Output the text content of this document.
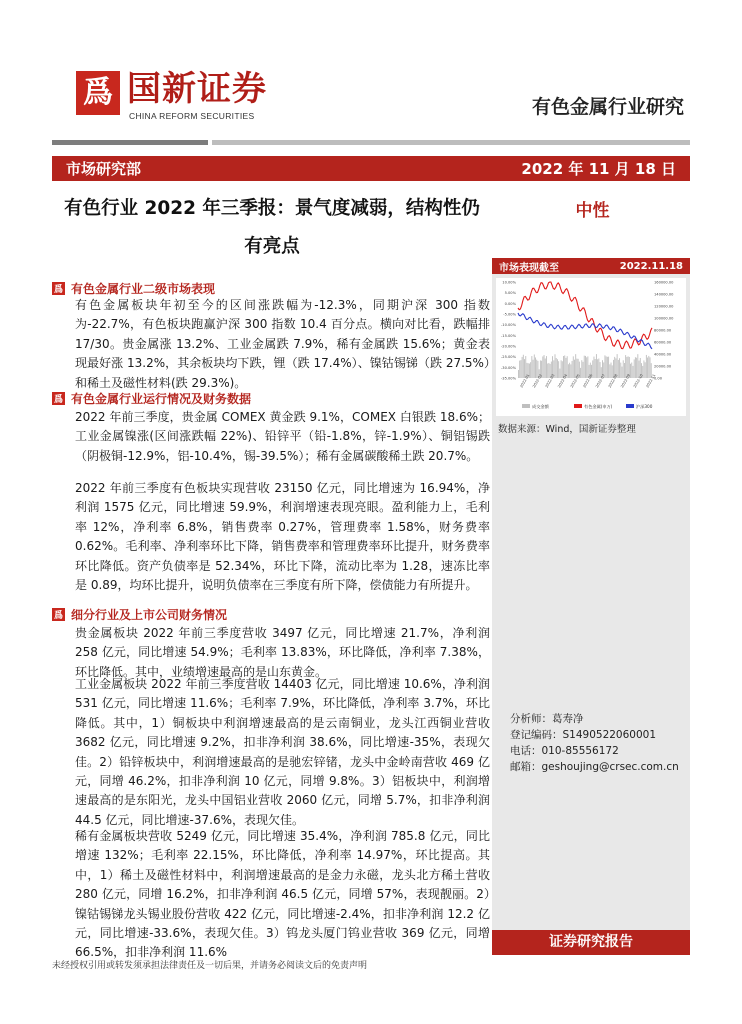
爲 国新证券
CHINA REFORM SECURITIES	有色金属行业研究
市场研究部	2022 年 11 月 18 日
有色行业 2022 年三季报：景气度减弱，结构性仍
有亮点
中性
市场表现截至	2022.11.18
10.00%
5.00%
0.00%
-5.00%
-10.00%
-15.00%
-20.00%
-25.00%
-30.00%
-35.00%
160000.00
140000.00
120000.00
100000.00
80000.00
60000.00
40000.00
20000.00
0.00
2022-01 2022-02 2022-03 2022-04 2022-05 2022-06 2022-07 2022-08 2022-09 2022-10 2022-11
成交金额	有色金属(申万)	沪深300
数据来源：Wind，国新证券整理
分析师：葛寿净
登记编码：S1490522060001
电话：010-85556172
邮箱：geshoujing@crsec.com.cn
证券研究报告
爲 有色金属行业二级市场表现
有色金属板块年初至今的区间涨跌幅为-12.3%，同期沪深 300 指数为-22.7%，有色板块跑赢沪深 300 指数 10.4 百分点。横向对比看，跌幅排 17/30。贵金属涨 13.2%、工业金属跌 7.9%，稀有金属跌 15.6%；黄金表现最好涨 13.2%，其余板块均下跌，锂（跌 17.4%）、镍钴锡锑（跌 27.5%）和稀土及磁性材料(跌 29.3%)。
爲 有色金属行业运行情况及财务数据
2022 年前三季度，贵金属 COMEX 黄金跌 9.1%，COMEX 白银跌 18.6%；工业金属镍涨(区间涨跌幅 22%)、铅锌平（铅-1.8%，锌-1.9%）、铜铝锡跌（阴极铜-12.9%，铝-10.4%，锡-39.5%）；稀有金属碳酸稀土跌 20.7%。
2022 年前三季度有色板块实现营收 23150 亿元，同比增速为 16.94%，净利润 1575 亿元，同比增速 59.9%，利润增速表现亮眼。盈利能力上，毛利率 12%，净利率 6.8%，销售费率 0.27%，管理费率 1.58%，财务费率 0.62%。毛利率、净利率环比下降，销售费率和管理费率环比提升，财务费率环比降低。资产负债率是 52.34%，环比下降，流动比率为 1.28，速冻比率是 0.89，均环比提升，说明负债率在三季度有所下降，偿债能力有所提升。
爲 细分行业及上市公司财务情况
贵金属板块 2022 年前三季度营收 3497 亿元，同比增速 21.7%，净利润 258 亿元，同比增速 54.9%；毛利率 13.83%，环比降低，净利率 7.38%，环比降低。其中，业绩增速最高的是山东黄金。
工业金属板块 2022 年前三季度营收 14403 亿元，同比增速 10.6%，净利润 531 亿元，同比增速 11.6%；毛利率 7.9%，环比降低，净利率 3.7%，环比降低。其中，1）铜板块中利润增速最高的是云南铜业，龙头江西铜业营收 3682 亿元，同比增速 9.2%，扣非净利润 38.6%，同比增速-35%，表现欠佳。2）铅锌板块中，利润增速最高的是驰宏锌锗，龙头中金岭南营收 469 亿元，同增 46.2%，扣非净利润 10 亿元，同增 9.8%。3）铝板块中，利润增速最高的是东阳光，龙头中国铝业营收 2060 亿元，同增 5.7%，扣非净利润 44.5 亿元，同比增速-37.6%，表现欠佳。
稀有金属板块营收 5249 亿元，同比增速 35.4%，净利润 785.8 亿元，同比增速 132%；毛利率 22.15%，环比降低，净利率 14.97%，环比提高。其中，1）稀土及磁性材料中，利润增速最高的是金力永磁，龙头北方稀土营收 280 亿元，同增 16.2%，扣非净利润 46.5 亿元，同增 57%，表现靓丽。2）镍钴锡锑龙头锡业股份营收 422 亿元，同比增速-2.4%，扣非净利润 12.2 亿元，同比增速-33.6%，表现欠佳。3）钨龙头厦门钨业营收 369 亿元，同增 66.5%，扣非净利润 11.6%
未经授权引用或转发须承担法律责任及一切后果，并请务必阅读文后的免责声明
